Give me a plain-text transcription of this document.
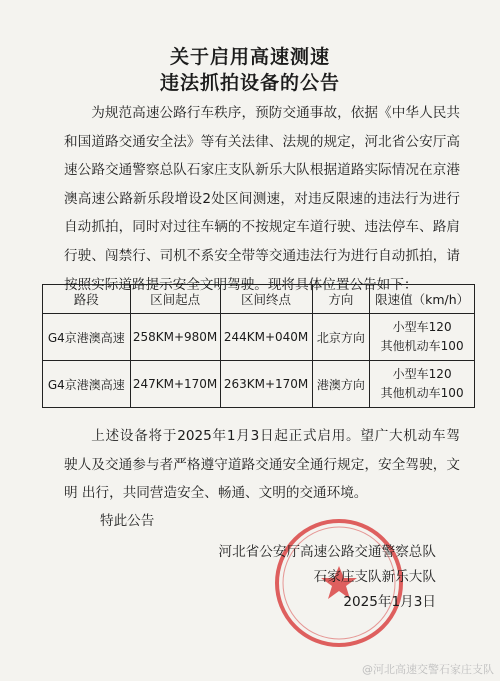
关于启用高速测速
违法抓拍设备的公告

为规范高速公路行车秩序，预防交通事故，依据《中华人民共和国道路交通安全法》等有关法律、法规的规定，河北省公安厅高速公路交通警察总队石家庄支队新乐大队根据道路实际情况在京港澳高速公路新乐段增设2处区间测速，对违反限速的违法行为进行自动抓拍，同时对过往车辆的不按规定车道行驶、违法停车、路肩行驶、闯禁行、司机不系安全带等交通违法行为进行自动抓拍，请按照实际道路提示安全文明驾驶。现将具体位置公告如下：

路段	区间起点	区间终点	方向	限速值（km/h）
G4京港澳高速	258KM+980M	244KM+040M	北京方向	小型车120
其他机动车100

G4京港澳高速	247KM+170M	263KM+170M	港澳方向	小型车120
其他机动车100

上述设备将于2025年1月3日起正式启用。望广大机动车驾 驶人及交通参与者严格遵守道路交通安全通行规定，安全驾驶，文明 出行，共同营造安全、畅通、文明的交通环境。

特此公告
河北省公安厅高速公路交通警察总队
石家庄支队新乐大队
2025年1月3日
@河北高速交警石家庄支队
